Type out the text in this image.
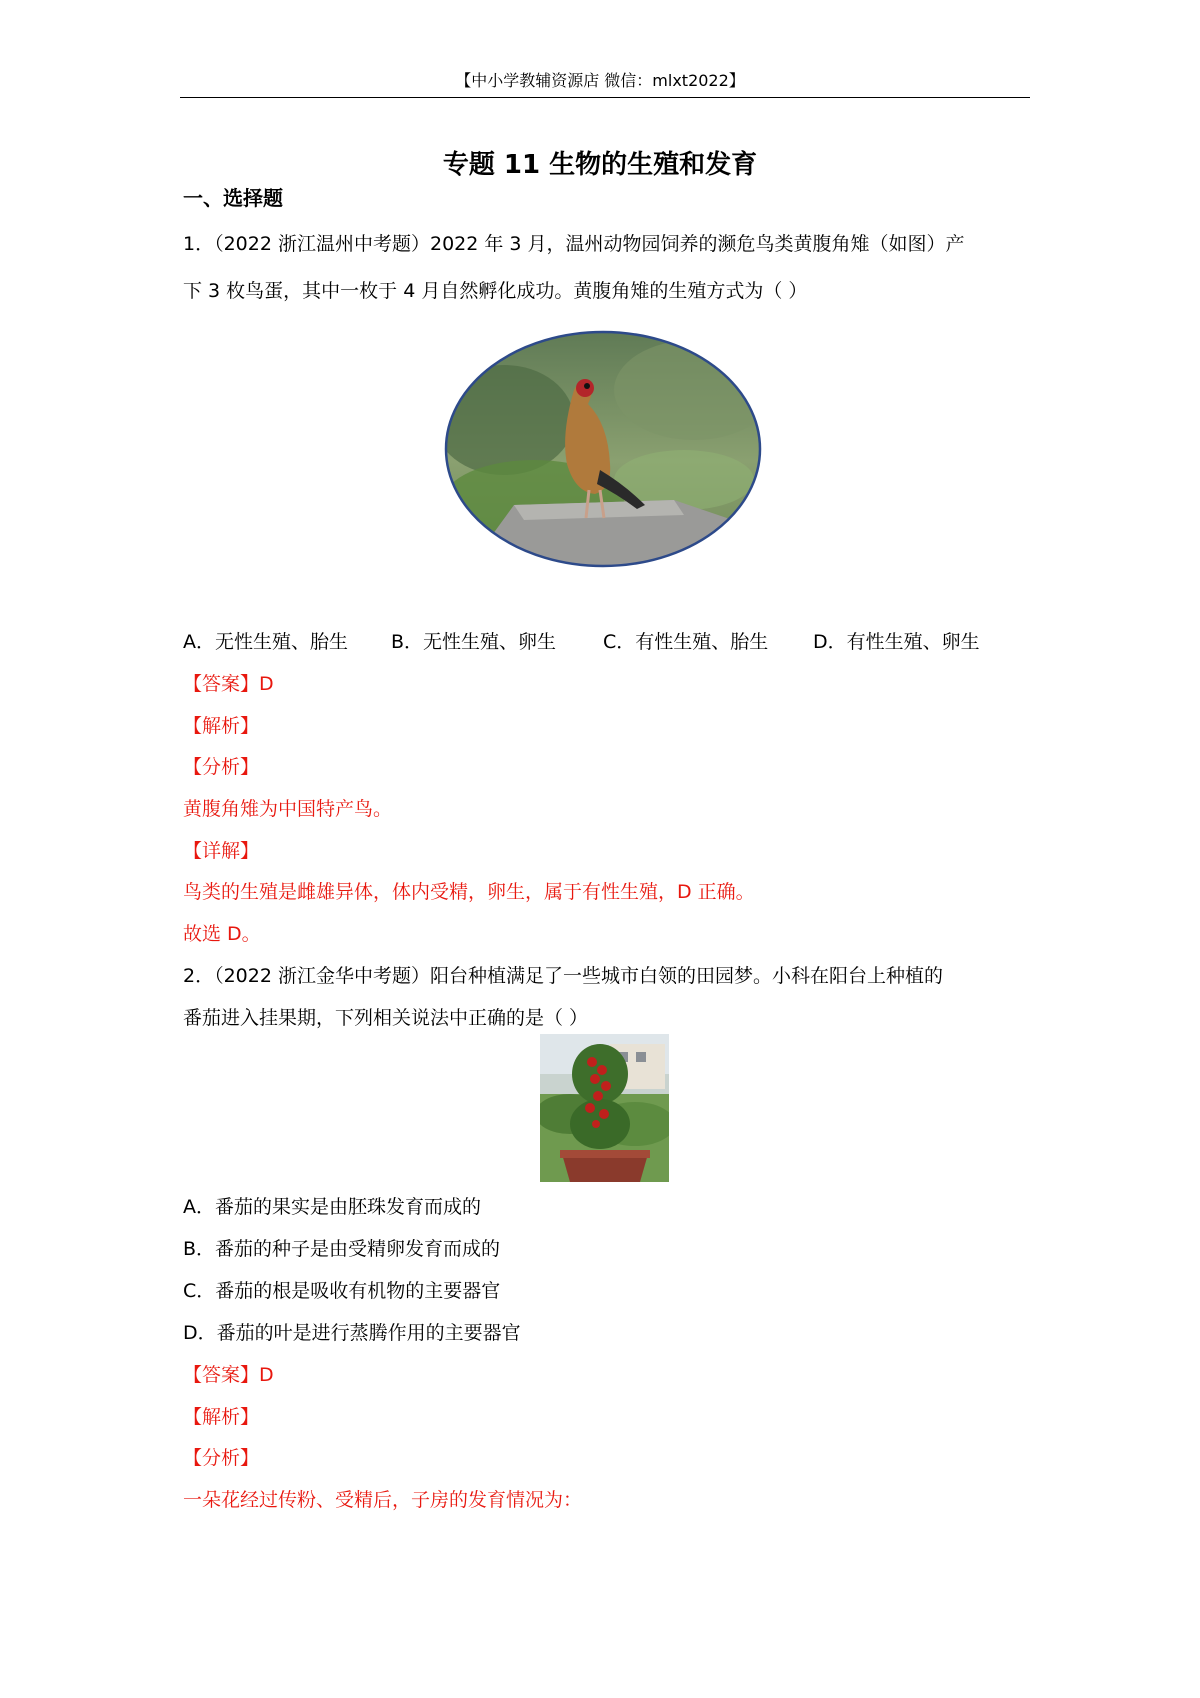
【中小学教辅资源店 微信：mlxt2022】
专题 11 生物的生殖和发育
一、选择题
1．（2022 浙江温州中考题）2022 年 3 月，温州动物园饲养的濒危鸟类黄腹角雉（如图）产
下 3 枚鸟蛋，其中一枚于 4 月自然孵化成功。黄腹角雉的生殖方式为（ ）
A．无性生殖、胎生 B．无性生殖、卵生 C．有性生殖、胎生 D．有性生殖、卵生
【答案】D
【解析】
【分析】
黄腹角雉为中国特产鸟。
【详解】
鸟类的生殖是雌雄异体，体内受精，卵生，属于有性生殖，D 正确。
故选 D。
2．（2022 浙江金华中考题）阳台种植满足了一些城市白领的田园梦。小科在阳台上种植的
番茄进入挂果期，下列相关说法中正确的是（ ）
A．番茄的果实是由胚珠发育而成的
B．番茄的种子是由受精卵发育而成的
C．番茄的根是吸收有机物的主要器官
D．番茄的叶是进行蒸腾作用的主要器官
【答案】D
【解析】
【分析】
一朵花经过传粉、受精后，子房的发育情况为：
